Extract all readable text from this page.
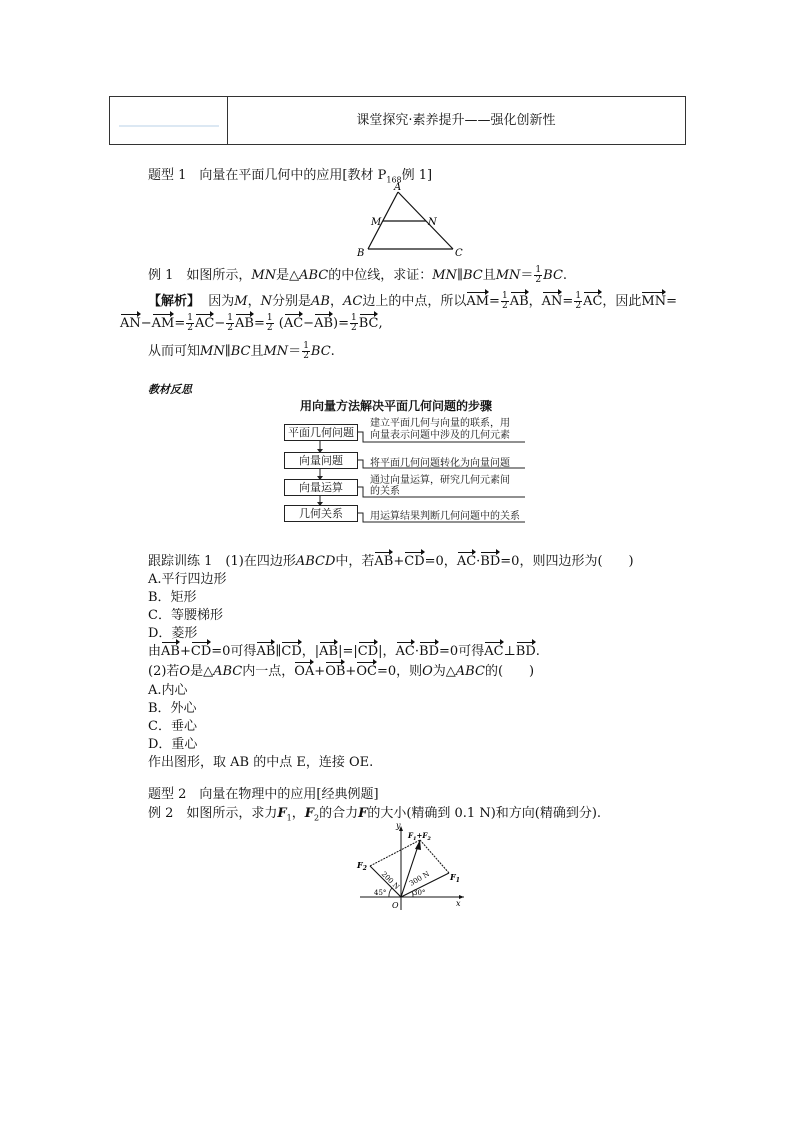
课堂探究·素养提升——强化创新性
题型 1　向量在平面几何中的应用[教材 $P_{168}$例 1]
A
M	N
B	C
例 1　如图所示，MN是△ABC的中位线，求证：MN∥BC且$MN= \frac{1}{2}$ BC.
【解析】 因为M，N分别是AB，AC边上的中点，所以$AM= \frac{1}{2}$ AB，$AN= \frac{1}{2}$ AC，因此MN=
$AN-AM= \frac{1}{2} AC- \frac{1}{2} AB= \frac{1}{2} (AC-AB)= \frac{1}{2}$ BC,
从而可知MN∥BC且$MN= \frac{1}{2}$ BC.
教材反思
用向量方法解决平面几何问题的步骤
平面几何问题
向量问题
向量运算
几何关系
建立平面几何与向量的联系，用
向量表示问题中涉及的几何元素
将平面几何问题转化为向量问题
通过向量运算，研究几何元素间
的关系
用运算结果判断几何问题中的关系
跟踪训练 1　(1)在四边形ABCD中，若AB+CD=0，AC·BD=0，则四边形为(　　)
A.平行四边形
B．矩形
C．等腰梯形
D．菱形
由AB+CD=0可得AB∥CD，|AB|=|CD|，AC·BD=0可得AC⊥BD.
(2)若O是△ABC内一点，OA+OB+OC=0，则O为△ABC的(　　)
A.内心
B．外心
C．垂心
D．重心
作出图形，取 AB 的中点 E，连接 OE.
题型 2　向量在物理中的应用[经典例题]
例 2　如图所示，求力$F_1$，$F_2$的合力F的大小(精确到 0.1 N)和方向(精确到分).
y
x
O
$F_1$
$F_2$
$F_1+F_2$
200 N 300 N
45°	30°
